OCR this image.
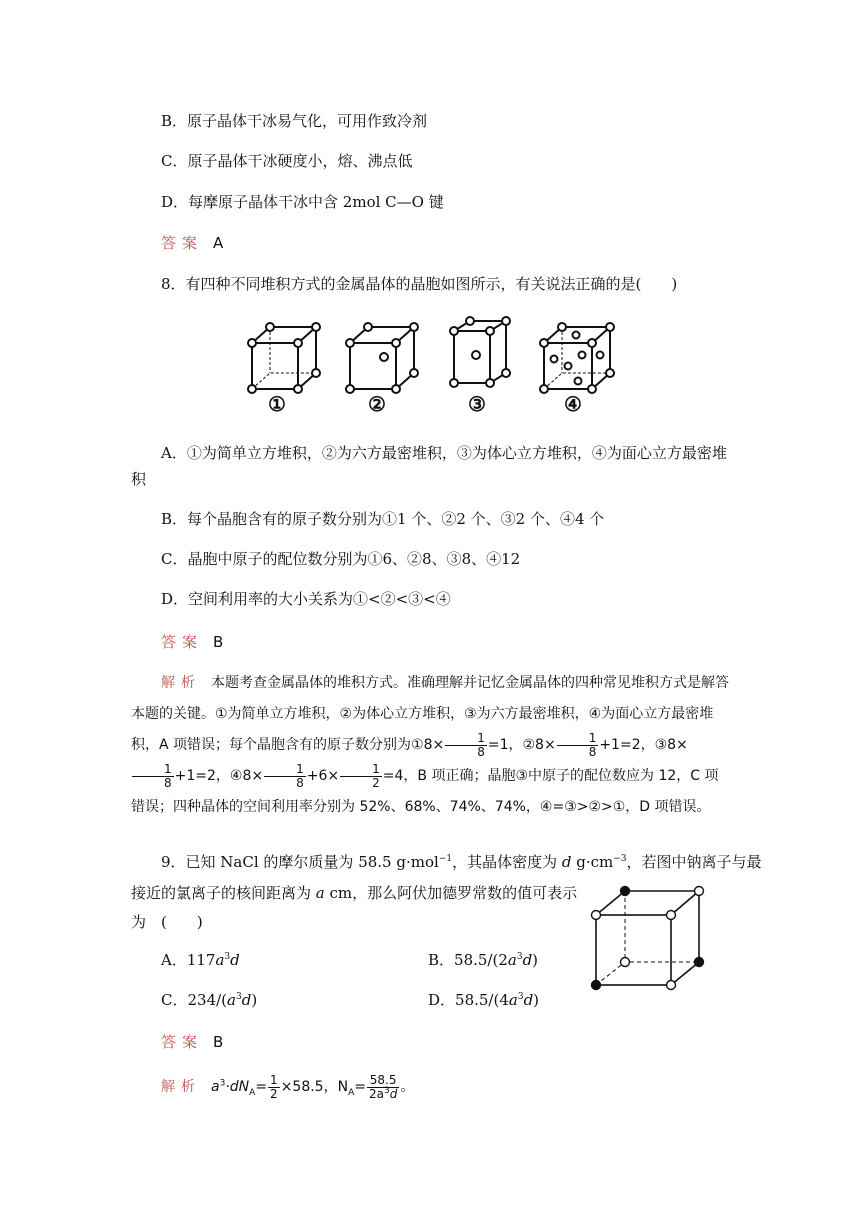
B．原子晶体干冰易气化，可用作致冷剂
C．原子晶体干冰硬度小，熔、沸点低
D．每摩原子晶体干冰中含 2mol C—O 键
答案 A
8．有四种不同堆积方式的金属晶体的晶胞如图所示，有关说法正确的是(　　)
①	②	③	④
A．①为简单立方堆积，②为六方最密堆积，③为体心立方堆积，④为面心立方最密堆
积
B．每个晶胞含有的原子数分别为①1 个、②2 个、③2 个、④4 个
C．晶胞中原子的配位数分别为①6、②8、③8、④12
D．空间利用率的大小关系为①<②<③<④
答案 B
解析 本题考查金属晶体的堆积方式。准确理解并记忆金属晶体的四种常见堆积方式是解答本题的关键。①为简单立方堆积，②为体心立方堆积，③为六方最密堆积，④为面心立方最密堆积，A 项错误；每个晶胞含有的原子数分别为①8× $\frac{1}{8} =1$，②8× $\frac{1}{8} +1=2$，③8×
$\frac{1}{8} +1=2$，④8× $\frac{1}{8} +6\times \frac{1}{2} =4$，B 项正确；晶胞③中原子的配位数应为 12，C 项错误；四种晶体的空间利用率分别为 52%、68%、74%、74%，④=③>②>①，D 项错误。
9．已知 NaCl 的摩尔质量为 58.5 g·mol$^{-1}$，其晶体密度为 d $g\cdot cm^{-3}$，若图中钠离子与最
接近的氯离子的核间距离为 a cm，那么阿伏加德罗常数的值可表示
为　(　　)
A．$117a^3d$	B．$58.5/(2a^3d)$
C．$234/(a^3d)$	D．$58.5/(4a^3d)$
答案 B
解析 $a^3\cdot dN_A= \frac{1}{2} \times 58.5$，$N_A= \frac{58.5}{2a^3d}$ 。
